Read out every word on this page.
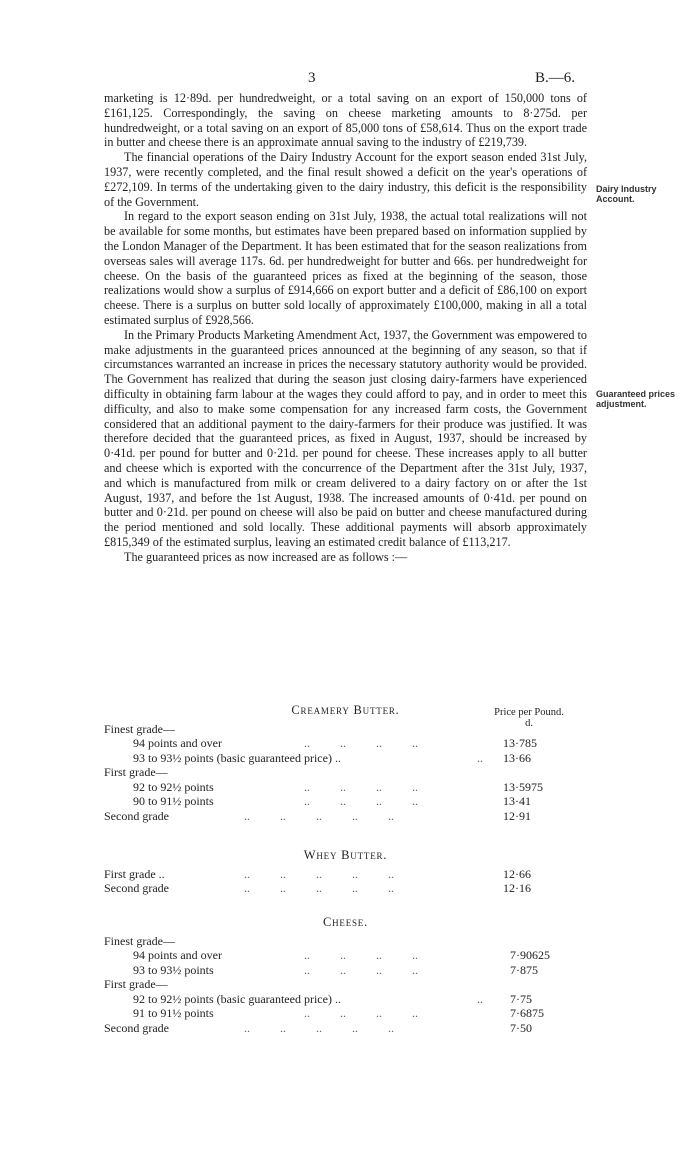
3	B.—6.
Dairy Industry Account.
Guaranteed prices adjustment.

marketing is 12·89d. per hundredweight, or a total saving on an export of 150,000 tons of £161,125. Correspondingly, the saving on cheese marketing amounts to 8·275d. per hundredweight, or a total saving on an export of 85,000 tons of £58,614. Thus on the export trade in butter and cheese there is an approximate annual saving to the industry of £219,739.

The financial operations of the Dairy Industry Account for the export season ended 31st July, 1937, were recently completed, and the final result showed a deficit on the year's operations of £272,109. In terms of the undertaking given to the dairy industry, this deficit is the responsibility of the Government.

In regard to the export season ending on 31st July, 1938, the actual total realizations will not be available for some months, but estimates have been prepared based on information supplied by the London Manager of the Department. It has been estimated that for the season realizations from overseas sales will average 117s. 6d. per hundredweight for butter and 66s. per hundredweight for cheese. On the basis of the guaranteed prices as fixed at the beginning of the season, those realizations would show a surplus of £914,666 on export butter and a deficit of £86,100 on export cheese. There is a surplus on butter sold locally of approximately £100,000, making in all a total estimated surplus of £928,566.

In the Primary Products Marketing Amendment Act, 1937, the Government was empowered to make adjustments in the guaranteed prices announced at the beginning of any season, so that if circumstances warranted an increase in prices the necessary statutory authority would be provided. The Government has realized that during the season just closing dairy-farmers have experienced difficulty in obtaining farm labour at the wages they could afford to pay, and in order to meet this difficulty, and also to make some compensation for any increased farm costs, the Government considered that an additional payment to the dairy-farmers for their produce was justified. It was therefore decided that the guaranteed prices, as fixed in August, 1937, should be increased by 0·41d. per pound for butter and 0·21d. per pound for cheese. These increases apply to all butter and cheese which is exported with the concurrence of the Department after the 31st July, 1937, and which is manufactured from milk or cream delivered to a dairy factory on or after the 1st August, 1937, and before the 1st August, 1938. The increased amounts of 0·41d. per pound on butter and 0·21d. per pound on cheese will also be paid on butter and cheese manufactured during the period mentioned and sold locally. These additional payments will absorb approximately £815,349 of the estimated surplus, leaving an estimated credit balance of £113,217.

The guaranteed prices as now increased are as follows :—

Creamery Butter.	Price per Pound.
d.
Finest grade—
94 points and over	..          ..          ..          ..	13·785
93 to 93½ points (basic guaranteed price) ..	.. 13·66
First grade—
92 to 92½ points	..          ..          ..          ..	13·5975
90 to 91½ points	..          ..          ..          ..	13·41
Second grade	..          ..          ..          ..          ..	12·91
Whey Butter.
First grade ..	..          ..          ..          ..          ..	12·66
Second grade	..          ..          ..          ..          ..	12·16
Cheese.
Finest grade—
94 points and over	..          ..          ..          ..	7·90625
93 to 93½ points	..          ..          ..          ..	7·875
First grade—
92 to 92½ points (basic guaranteed price) ..	.. 7·75
91 to 91½ points	..          ..          ..          ..	7·6875
Second grade	..          ..          ..          ..          ..	7·50
